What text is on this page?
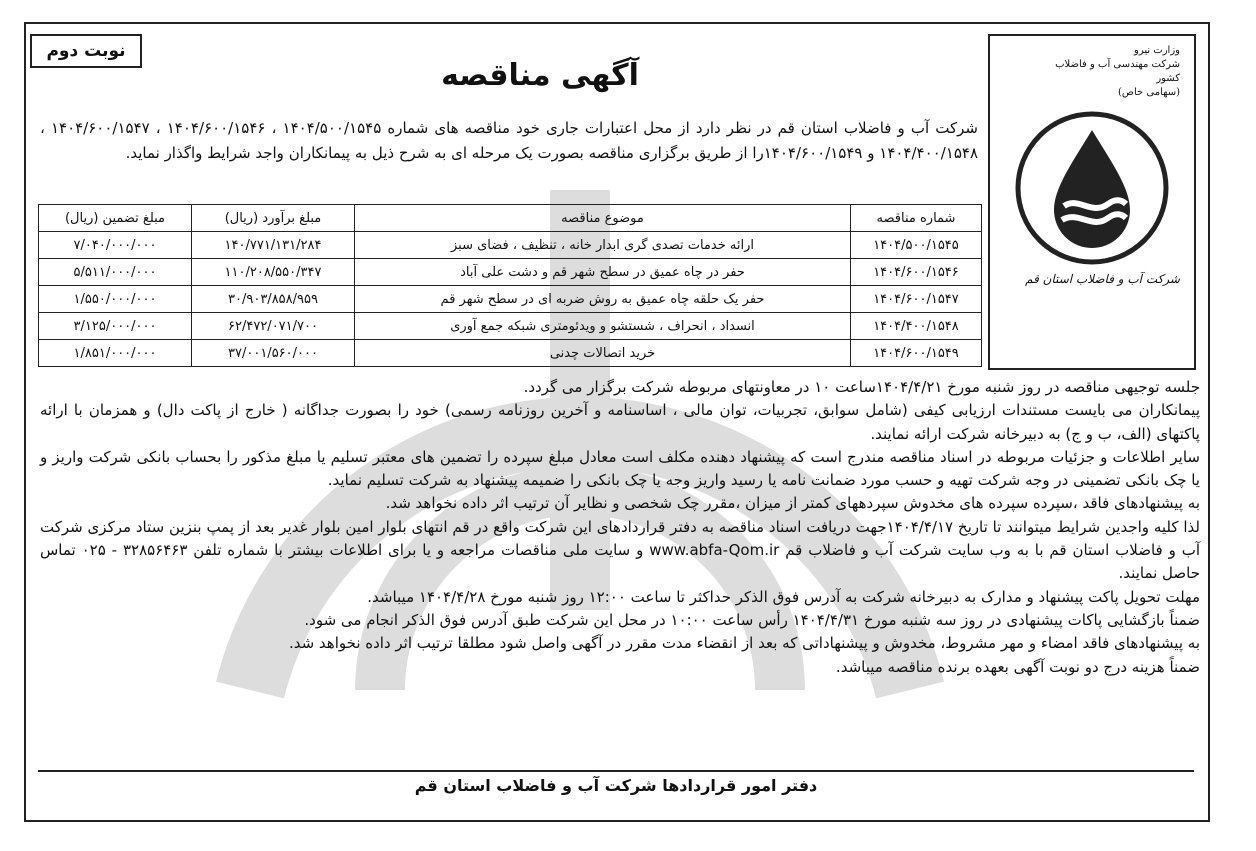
نوبت دوم
آگهی مناقصه
وزارت نیرو
شرکت مهندسی آب و فاضلاب کشور
(سهامی خاص)
شرکت آب و فاضلاب استان قم
شرکت آب و فاضلاب استان قم در نظر دارد از محل اعتبارات جاری خود مناقصه های شماره ۱۴۰۴/۵۰۰/۱۵۴۵ ، ۱۴۰۴/۶۰۰/۱۵۴۶ ، ۱۴۰۴/۶۰۰/۱۵۴۷ ، ۱۴۰۴/۴۰۰/۱۵۴۸ و ۱۴۰۴/۶۰۰/۱۵۴۹را از طریق برگزاری مناقصه بصورت یک مرحله ای به شرح ذیل به پیمانکاران واجد شرایط واگذار نماید.
شماره مناقصه	موضوع مناقصه	مبلغ برآورد (ریال)	مبلغ تضمین (ریال)
۱۴۰۴/۵۰۰/۱۵۴۵	ارائه خدمات تصدی گری ابدار خانه ، تنظیف ، فضای سبز	۱۴۰/۷۷۱/۱۳۱/۲۸۴	۷/۰۴۰/۰۰۰/۰۰۰
۱۴۰۴/۶۰۰/۱۵۴۶	حفر در چاه عمیق در سطح شهر قم و دشت علی آباد	۱۱۰/۲۰۸/۵۵۰/۳۴۷	۵/۵۱۱/۰۰۰/۰۰۰
۱۴۰۴/۶۰۰/۱۵۴۷	حفر یک حلقه چاه عمیق به روش ضربه ای در سطح شهر قم	۳۰/۹۰۳/۸۵۸/۹۵۹	۱/۵۵۰/۰۰۰/۰۰۰
۱۴۰۴/۴۰۰/۱۵۴۸	انسداد ، انحراف ، شستشو و ویدئومتری شبکه جمع آوری	۶۲/۴۷۲/۰۷۱/۷۰۰	۳/۱۲۵/۰۰۰/۰۰۰
۱۴۰۴/۶۰۰/۱۵۴۹	خرید اتصالات چدنی	۳۷/۰۰۱/۵۶۰/۰۰۰	۱/۸۵۱/۰۰۰/۰۰۰

جلسه توجیهی مناقصه در روز شنبه مورخ ۱۴۰۴/۴/۲۱ساعت ۱۰ در معاونتهای مربوطه شرکت برگزار می گردد.

پیمانکاران می بایست مستندات ارزیابی کیفی (شامل سوابق، تجربیات، توان مالی ، اساسنامه و آخرین روزنامه رسمی) خود را بصورت جداگانه ( خارج از پاکت دال) و همزمان با ارائه پاکتهای (الف، ب و ج) به دبیرخانه شرکت ارائه نمایند.

سایر اطلاعات و جزئیات مربوطه در اسناد مناقصه مندرج است که پیشنهاد دهنده مکلف است معادل مبلغ سپرده را تضمین های معتبر تسلیم یا مبلغ مذکور را بحساب بانکی شرکت واریز و یا چک بانکی تضمینی در وجه شرکت تهیه و حسب مورد ضمانت نامه یا رسید واریز وجه یا چک بانکی را ضمیمه پیشنهاد به شرکت تسلیم نماید.

به پیشنهادهای فاقد ،سپرده سپرده های مخدوش سپردههای کمتر از میزان ،مقرر چک شخصی و نظایر آن ترتیب اثر داده نخواهد شد.

لذا کلیه واجدین شرایط میتوانند تا تاریخ ۱۴۰۴/۴/۱۷جهت دریافت اسناد مناقصه به دفتر قراردادهای این شرکت واقع در قم انتهای بلوار امین بلوار غدیر بعد از پمپ بنزین ستاد مرکزی شرکت آب و فاضلاب استان قم با به وب سایت شرکت آب و فاضلاب قم www.abfa-Qom.ir و سایت ملی مناقصات مراجعه و یا برای اطلاعات بیشتر با شماره تلفن ۳۲۸۵۶۴۶۳ - ۰۲۵ تماس حاصل نمایند.

مهلت تحویل پاکت پیشنهاد و مدارک به دبیرخانه شرکت به آدرس فوق الذکر حداکثر تا ساعت ۱۲:۰۰ روز شنبه مورخ ۱۴۰۴/۴/۲۸ میباشد.

ضمناً بازگشایی پاکات پیشنهادی در روز سه شنبه مورخ ۱۴۰۴/۴/۳۱ رأس ساعت ۱۰:۰۰ در محل این شرکت طبق آدرس فوق الذکر انجام می شود.

به پیشنهادهای فاقد امضاء و مهر مشروط، مخدوش و پیشنهاداتی که بعد از انقضاء مدت مقرر در آگهی واصل شود مطلقا ترتیب اثر داده نخواهد شد.

ضمناً هزینه درج دو نوبت آگهی بعهده برنده مناقصه میباشد.

دفتر امور قراردادها شرکت آب و فاضلاب استان قم
